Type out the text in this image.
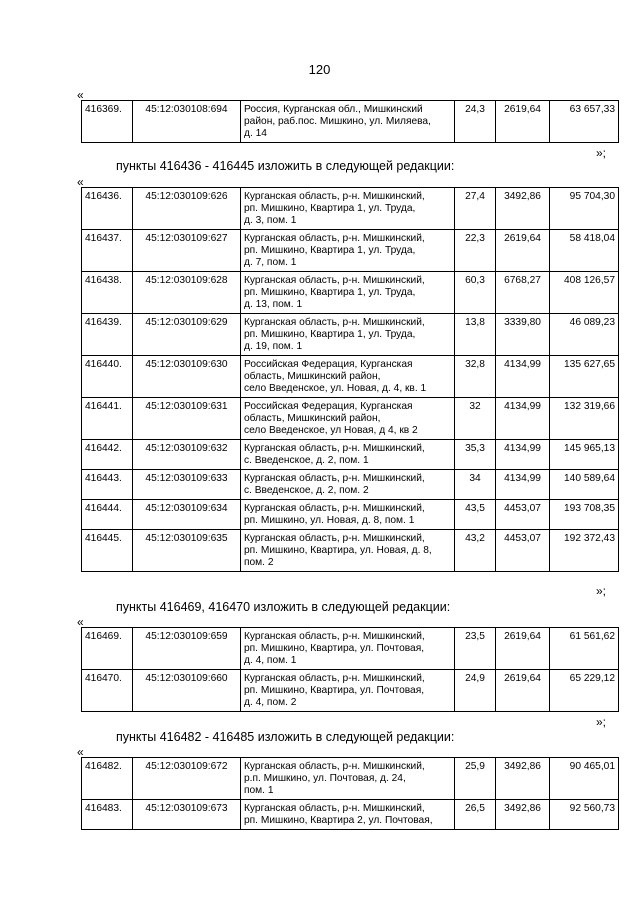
120
«
416369.	45:12:030108:694	Россия, Курганская обл., Мишкинский
район, раб.пос. Мишкино, ул. Миляева,
д. 14
	24,3	2619,64	63 657,33
»;
пункты 416436 - 416445 изложить в следующей редакции:
«
416436.	45:12:030109:626	Курганская область, р-н. Мишкинский,
рп. Мишкино, Квартира 1, ул. Труда,
д. 3, пом. 1	27,4	3492,86	95 704,30
416437.	45:12:030109:627	Курганская область, р-н. Мишкинский,
рп. Мишкино, Квартира 1, ул. Труда,
д. 7, пом. 1	22,3	2619,64	58 418,04
416438.	45:12:030109:628	Курганская область, р-н. Мишкинский,
рп. Мишкино, Квартира 1, ул. Труда,
д. 13, пом. 1	60,3	6768,27	408 126,57
416439.	45:12:030109:629	Курганская область, р-н. Мишкинский,
рп. Мишкино, Квартира 1, ул. Труда,
д. 19, пом. 1	13,8	3339,80	46 089,23
416440.	45:12:030109:630	Российская Федерация, Курганская
область, Мишкинский район,
село Введенское, ул. Новая, д. 4, кв. 1	32,8	4134,99	135 627,65
416441.	45:12:030109:631	Российская Федерация, Курганская
область, Мишкинский район,
село Введенское, ул Новая, д 4, кв 2	32	4134,99	132 319,66
416442.	45:12:030109:632	Курганская область, р-н. Мишкинский,
с. Введенское, д. 2, пом. 1	35,3	4134,99	145 965,13
416443.	45:12:030109:633	Курганская область, р-н. Мишкинский,
с. Введенское, д. 2, пом. 2	34	4134,99	140 589,64
416444.	45:12:030109:634	Курганская область, р-н. Мишкинский,
рп. Мишкино, ул. Новая, д. 8, пом. 1	43,5	4453,07	193 708,35
416445.	45:12:030109:635	Курганская область, р-н. Мишкинский,
рп. Мишкино, Квартира, ул. Новая, д. 8,
пом. 2	43,2	4453,07	192 372,43
»;
пункты 416469, 416470 изложить в следующей редакции:
«
416469.	45:12:030109:659	Курганская область, р-н. Мишкинский,
рп. Мишкино, Квартира, ул. Почтовая,
д. 4, пом. 1	23,5	2619,64	61 561,62
416470.	45:12:030109:660	Курганская область, р-н. Мишкинский,
рп. Мишкино, Квартира, ул. Почтовая,
д. 4, пом. 2	24,9	2619,64	65 229,12
»;
пункты 416482 - 416485 изложить в следующей редакции:
«
416482.	45:12:030109:672	Курганская область, р-н. Мишкинский,
р.п. Мишкино, ул. Почтовая, д. 24,
пом. 1	25,9	3492,86	90 465,01
416483.	45:12:030109:673	Курганская область, р-н. Мишкинский,
рп. Мишкино, Квартира 2, ул. Почтовая,	26,5	3492,86	92 560,73
